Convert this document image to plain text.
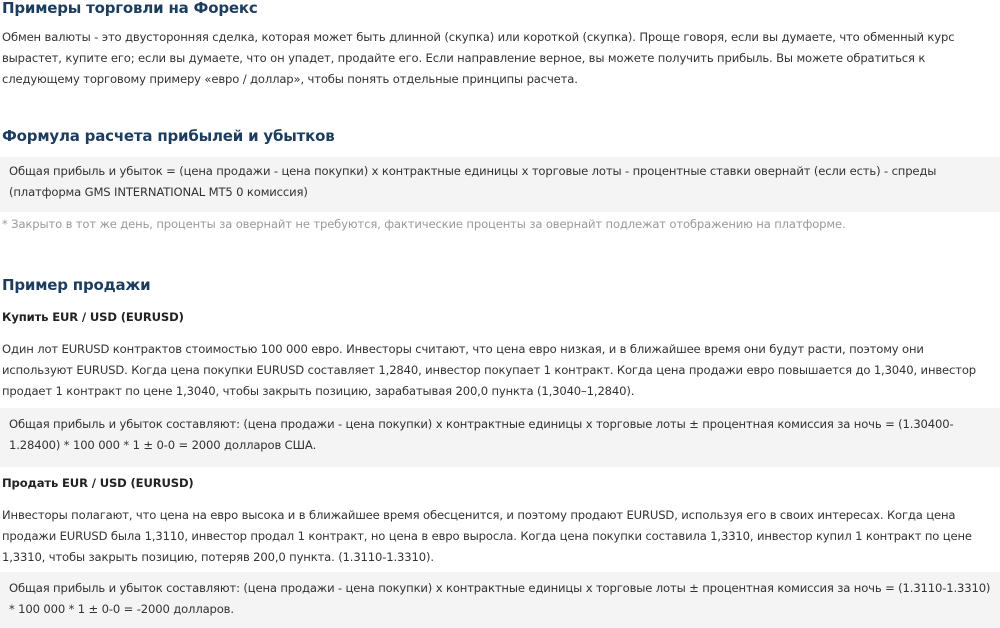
Примеры торговли на Форекс

Обмен валюты - это двусторонняя сделка, которая может быть длинной (скупка) или короткой (скупка). Проще говоря, если вы думаете, что обменный курс вырастет, купите его; если вы думаете, что он упадет, продайте его. Если направление верное, вы можете получить прибыль. Вы можете обратиться к следующему торговому примеру «евро / доллар», чтобы понять отдельные принципы расчета.

Формула расчета прибылей и убытков
Общая прибыль и убыток = (цена продажи - цена покупки) x контрактные единицы x торговые лоты - процентные ставки овернайт (если есть) - спреды (платформа GMS INTERNATIONAL MT5 0 комиссия)

* Закрыто в тот же день, проценты за овернайт не требуются, фактические проценты за овернайт подлежат отображению на платформе.

Пример продажи

Купить EUR / USD (EURUSD)

Один лот EURUSD контрактов стоимостью 100 000 евро. Инвесторы считают, что цена евро низкая, и в ближайшее время они будут расти, поэтому они используют EURUSD. Когда цена покупки EURUSD составляет 1,2840, инвестор покупает 1 контракт. Когда цена продажи евро повышается до 1,3040, инвестор продает 1 контракт по цене 1,3040, чтобы закрыть позицию, зарабатывая 200,0 пункта (1,3040–1,2840).

Общая прибыль и убыток составляют: (цена продажи - цена покупки) x контрактные единицы x торговые лоты ± процентная комиссия за ночь = (1.30400-1.28400) * 100 000 * 1 ± 0-0 = 2000 долларов США.

Продать EUR / USD (EURUSD)

Инвесторы полагают, что цена на евро высока и в ближайшее время обесценится, и поэтому продают EURUSD, используя его в своих интересах. Когда цена продажи EURUSD была 1,3110, инвестор продал 1 контракт, но цена в евро выросла. Когда цена покупки составила 1,3310, инвестор купил 1 контракт по цене 1,3310, чтобы закрыть позицию, потеряв 200,0 пункта. (1.3110-1.3310).

Общая прибыль и убыток составляют: (цена продажи - цена покупки) x контрактные единицы x торговые лоты ± процентная комиссия за ночь = (1.3110-1.3310) * 100 000 * 1 ± 0-0 = -2000 долларов.
